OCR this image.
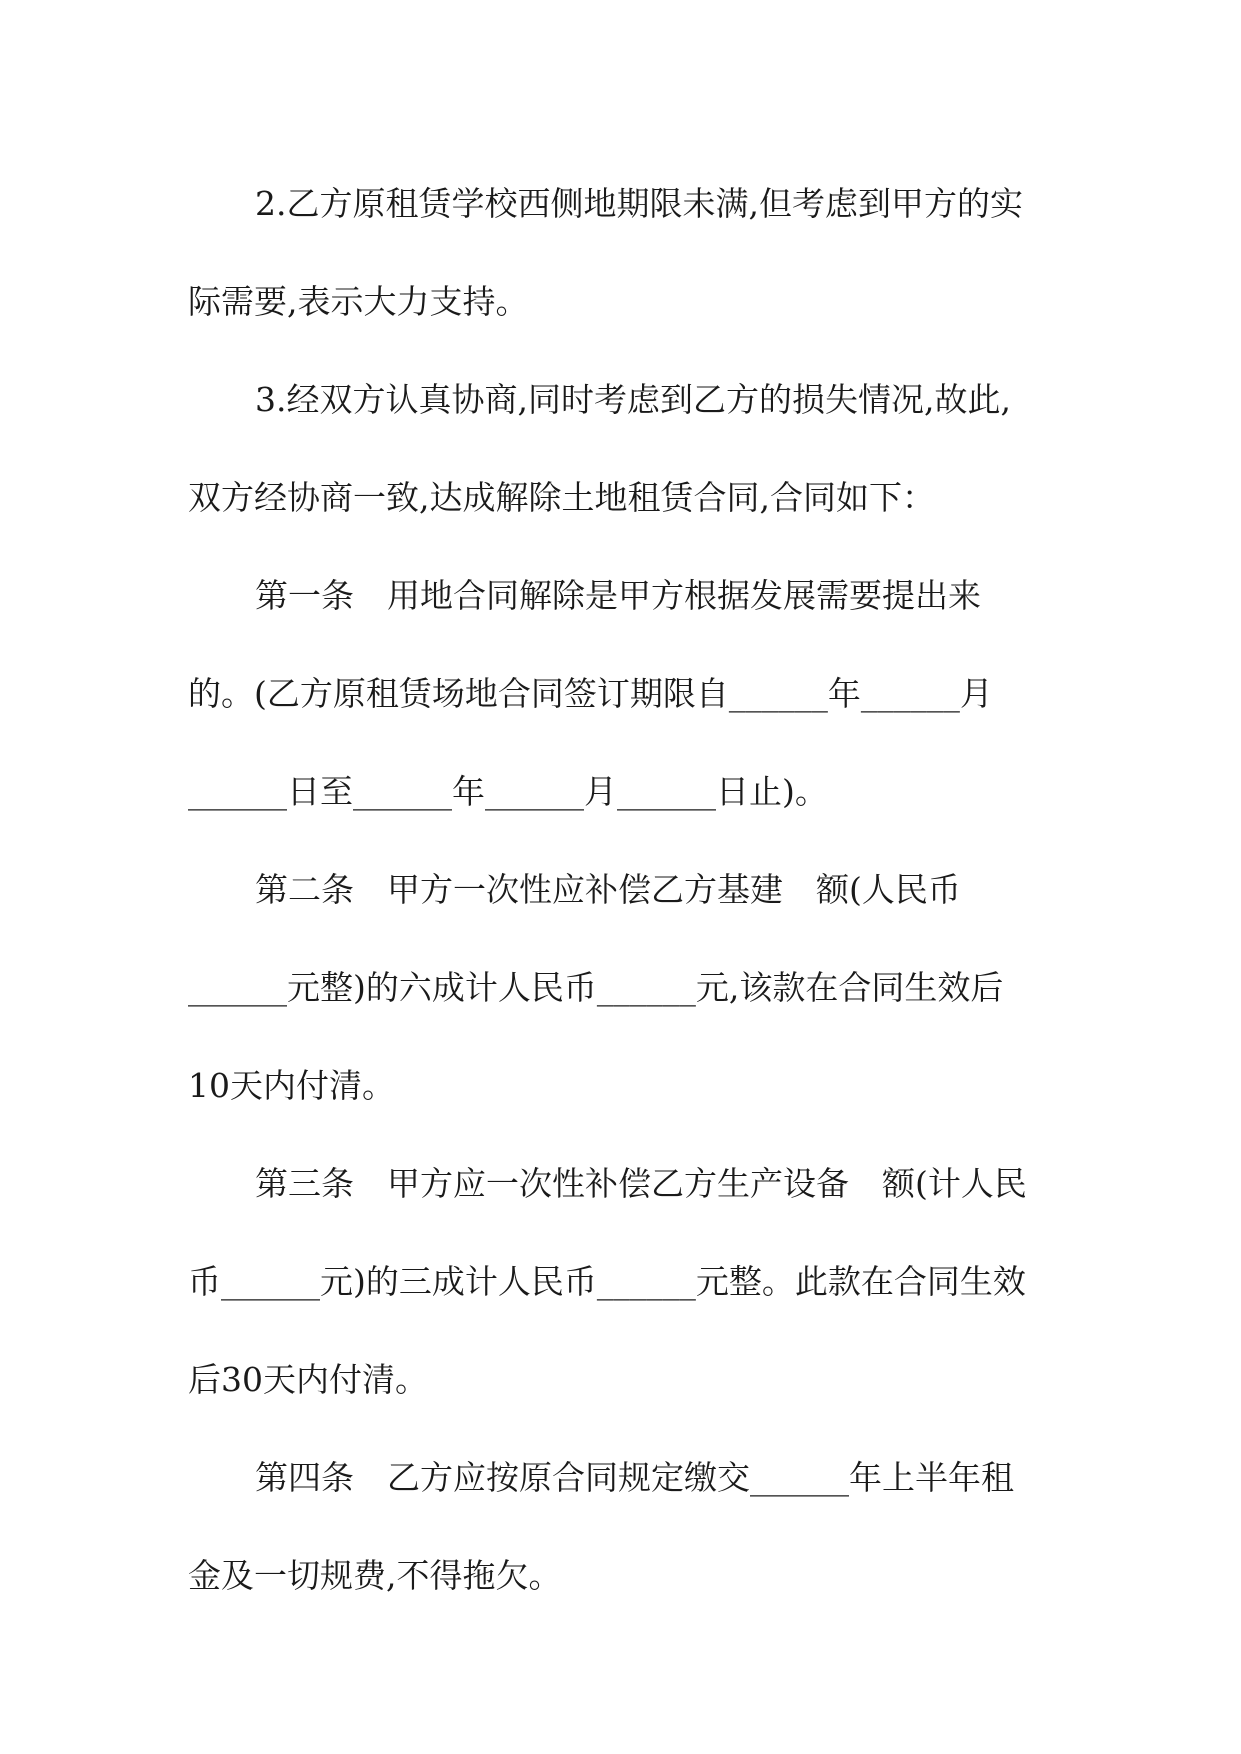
2.乙方原租赁学校西侧地期限未满,但考虑到甲方的实
际需要,表示大力支持。
3.经双方认真协商,同时考虑到乙方的损失情况,故此,
双方经协商一致,达成解除土地租赁合同,合同如下：
第一条　用地合同解除是甲方根据发展需要提出来
的。(乙方原租赁场地合同签订期限自______年______月
______日至______年______月______日止)。
第二条　甲方一次性应补偿乙方基建　额(人民币
______元整)的六成计人民币______元,该款在合同生效后
10天内付清。
第三条　甲方应一次性补偿乙方生产设备　额(计人民
币______元)的三成计人民币______元整。此款在合同生效
后30天内付清。
第四条　乙方应按原合同规定缴交______年上半年租
金及一切规费,不得拖欠。
